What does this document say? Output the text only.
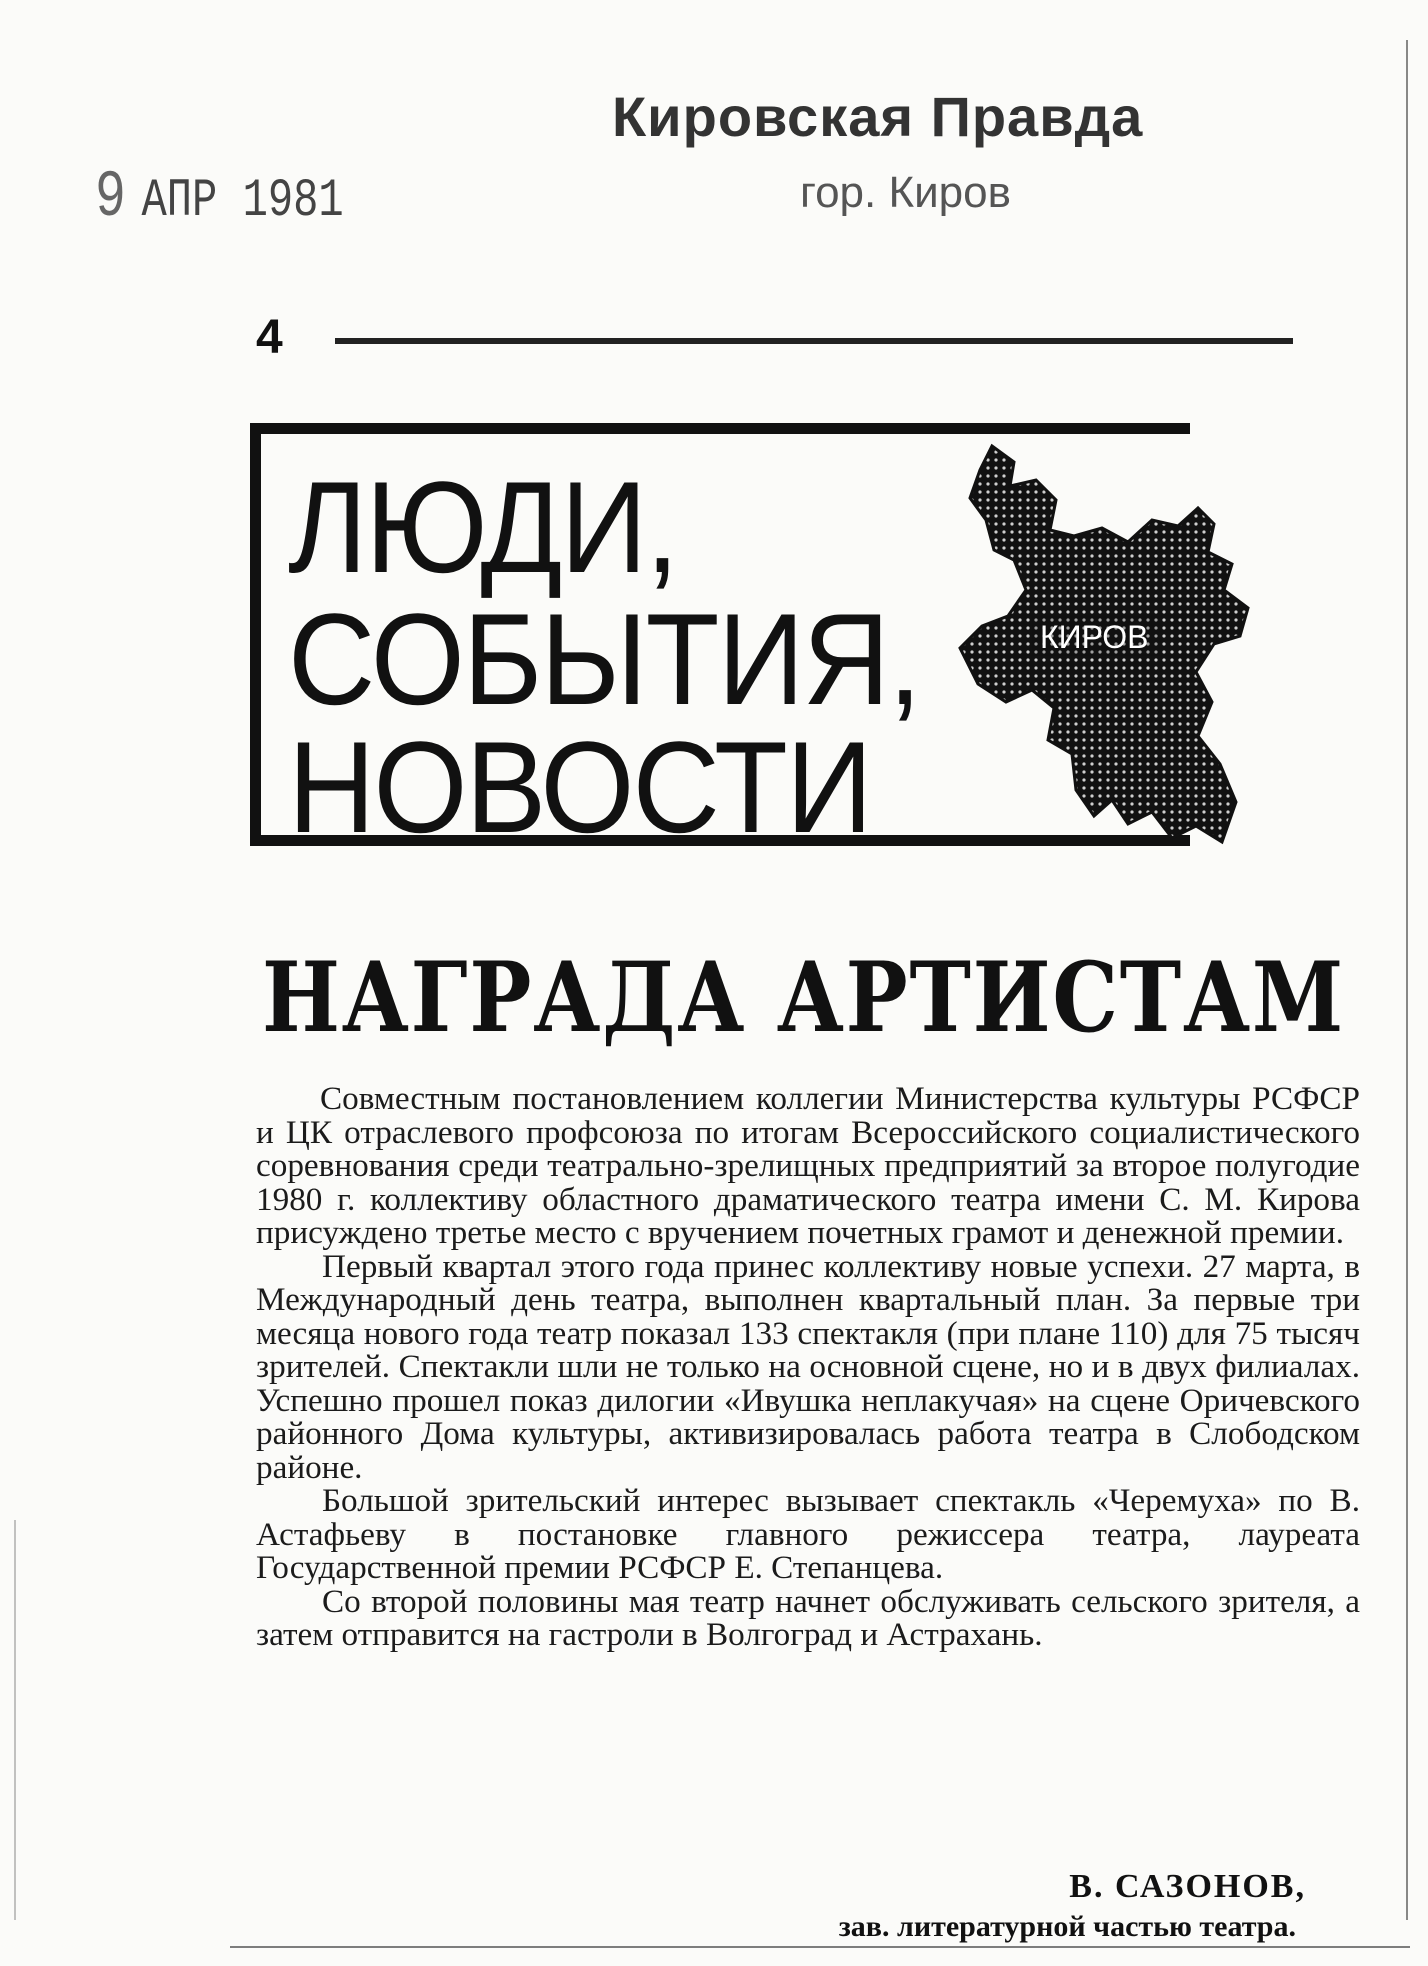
Кировская Правда
9 АПР 1981	гор. Киров
4
ЛЮДИ,
СОБЫТИЯ,
НОВОСТИ
КИРОВ
НАГРАДА АРТИСТАМ

Совместным постановлением коллегии Министерства культуры РСФСР и ЦК отраслевого профсоюза по итогам Всероссийского социалистического соревнования среди театрально-зрелищных предприятий за второе полугодие 1980 г. коллективу областного драматического театра имени С. М. Кирова присуждено третье место с вручением почетных грамот и денежной премии.

Первый квартал этого года принес коллективу новые успехи. 27 марта, в Международный день театра, выполнен квартальный план. За первые три месяца нового года театр показал 133 спектакля (при плане 110) для 75 тысяч зрителей. Спектакли шли не только на основной сцене, но и в двух филиалах. Успешно прошел показ дилогии «Ивушка неплакучая» на сцене Оричевского районного Дома культуры, активизировалась работа театра в Слободском районе.

Большой зрительский интерес вызывает спектакль «Черемуха» по В. Астафьеву в постановке главного режиссера театра, лауреата Государственной премии РСФСР Е. Степанцева.

Со второй половины мая театр начнет обслуживать сельского зрителя, а затем отправится на гастроли в Волгоград и Астрахань.

В. САЗОНОВ,
зав. литературной частью театра.
